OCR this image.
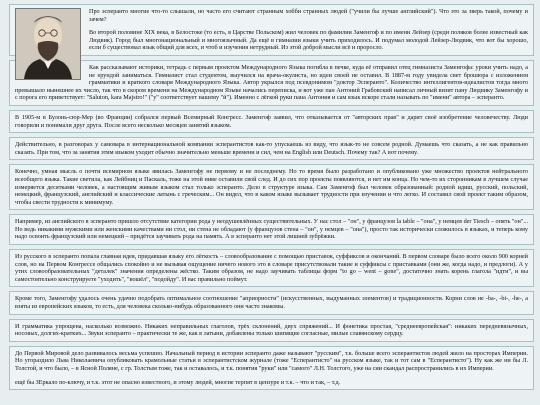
Про эсперанто многие что-то слышали, но часто его считают странным хобби странных людей ("учили бы лучше английский"). Что это за зверь такой, почему и зачем?

Во второй половине XIX века, в Белостоке (то есть, в Царстве Польском) жил человек по фамилии Заменгоф и по имени Лейзер (среди поляков более известный как Людвик). Город был многонациональный и многоязычный. Да ещё в гимназии языки учить приходилось. И подумал молодой Лейзер-Людвик, что вот бы хорошо, если б существовал язык общий для всех, и чтоб и изучения нетрудный. Из этой доброй мысли всё и проросло.

Как рассказывают историки, тетрадь с первым проектом Международного Языка погибла в печке, куда её отправил отец гимназиста Заменгофа: уроки учить надо, а не ерундой заниматься. Гимназист стал студентом, выучился на врача-окулиста, но идеи своей не оставил. В 1887-м году увидела свет брошюра с изложением грамматики и краткого словаря Международного Языка. Автор укрылся под псевдонимом "доктор Эсперанто". Количество интеллигентов-идеалистов тогда много превышало нынешнее их число, так что в скором времени на Международном Языке начались переписка, и вот уже пан Антоний Грабовский написал личный визит пану Людвику Заменгофу и с порога его приветствует: "Saluton, kara Majstro!" ("у" соответствует нашему "й"). Именно с лёгкой руки пана Антония и сам язык вскоре стали называть по "имени" автора – эсперанто.

В 1905-м в Булонь-сюр-Мер (во Франции) собрался первый Всемирный Конгресс. Заменгоф заявил, что отказывается от "авторских прав" и дарит своё изобретение человечеству. Люди говорили и понимали друг друга. После всего несколько месяцев занятий языком.

Действительно, в разговорах у самовара в интернациональной компании эсперантистов как-то упускаешь из виду, что язык-то не совсем родной. Думаешь что сказать, а не как правильно сказать. При том, что за занятия этим языком уходит обычно значительно меньше времени и сил, чем на English или Deutsch. Почему так? А вот почему.

Конечно, умная мысль о почти всемирном языке явилась Заменгофу не первому и не последнему. Но то время было разработано и опубликовано уже множество проектов нейтрального всеобщего языка. Такие светила, как Лейбниц и Паскаль, тоже на этой ниве оставили свой след. И до сих пор проекты появляются, и нет им конца. Но чем-то их сторонникам в лучшем случае измеряется десятками человек, а настоящим живым языком стал только эсперанто. Дело в структуре языка. Сам Заменгоф был человек образованный: родной идиш, русский, польский, немецкий, французский, английский и классические латынь с греческим... Он видел, что в каком языке вызывает трудности при изучении и что легко. И составил свой проект таким образом, чтобы свести трудности к минимуму.

Например, из английского в эсперанто пришло отсутствие категории рода у неодушевлённых существительных. У нас стол – "он", у французов la table – "она", у немцев der Tiesch – опять "он"... Но ведь никакими мужскими или женскими качествами ни стол, ни стена не обладают (у французов стена – "он", у немцев – "она"), просто так исторически сложилось в языках, и теперь кому надо освоить французский или немецкий – придётся заучивать рода на память. А в эсперанто нет этой лишней зубрёжки.

Из русского в эсперанто попала главная идея, придавшая языку его лёгкость – словообразование с помощью приставок, суффиксов и окончаний. В первом словаре было всего около 900 корней слов, но на Первом Конгрессе общались спокойно и не вызывая ощущение ничего нового это в словаре присутствовали такие и суффиксы с приставками (они же, когда надо, и предлоги). А у утих словообразовательных "деталек" значения определены жёстко. Таким образом, не надо заучивать таблицы форм "to go – went – gone", достаточно знать корень глагола "идти", и вы самостоятельно конструируете "уходить", "вошёл", "подойду". И вас правильно поймут.

Кроме того, Заменгофу удалось очень удачно подобрать оптимальное соотношение "априорности" (искусственных, выдуманных элементов) и традиционности. Корни слов не -ba-, -bi-, -he-, а взяты из европейских языков, то есть, для человека сколько-нибудь образованного они часто знакомы.

И грамматика упрощена, насколько возможно. Никаких неправильных глаголов, трёх склонений, двух спряжений... И фонетика простая, "среднеевропейская": никаких передневязычных, носовых, долгих-кратких... Звуки эсперанто – практически те же, как в латыни, добавлены только шипящие согласные, милые славянскому сердцу.

До Первой Мировой дело развивалось весьма успешно. Начальный период в истории эсперанто даже называют "русским", т.к. больше всего эсперантистов людей жило на просторах Империи. Но угораздило Льва Николаевича опубликовать крамольные статьи в эсперантистском журнале (тоже "Есперантисто" на русском языке, так и тот сам в "Есперантисто"). Ну как же ни бы Л. Толстой, и что было, – в Ясной Поляне, с гр. Толстым тоже, так и оставалось, и т.к. понятия "руки" или "самого" Л.Н. Толстого, уже на сии скандал распространились в их Империи.

ещё бы ЗЕркало по-ключу, и т.к. этот не опасно известного, и этому людей, многие терпят в цензуре и т.к. – что и так, – т.д.
